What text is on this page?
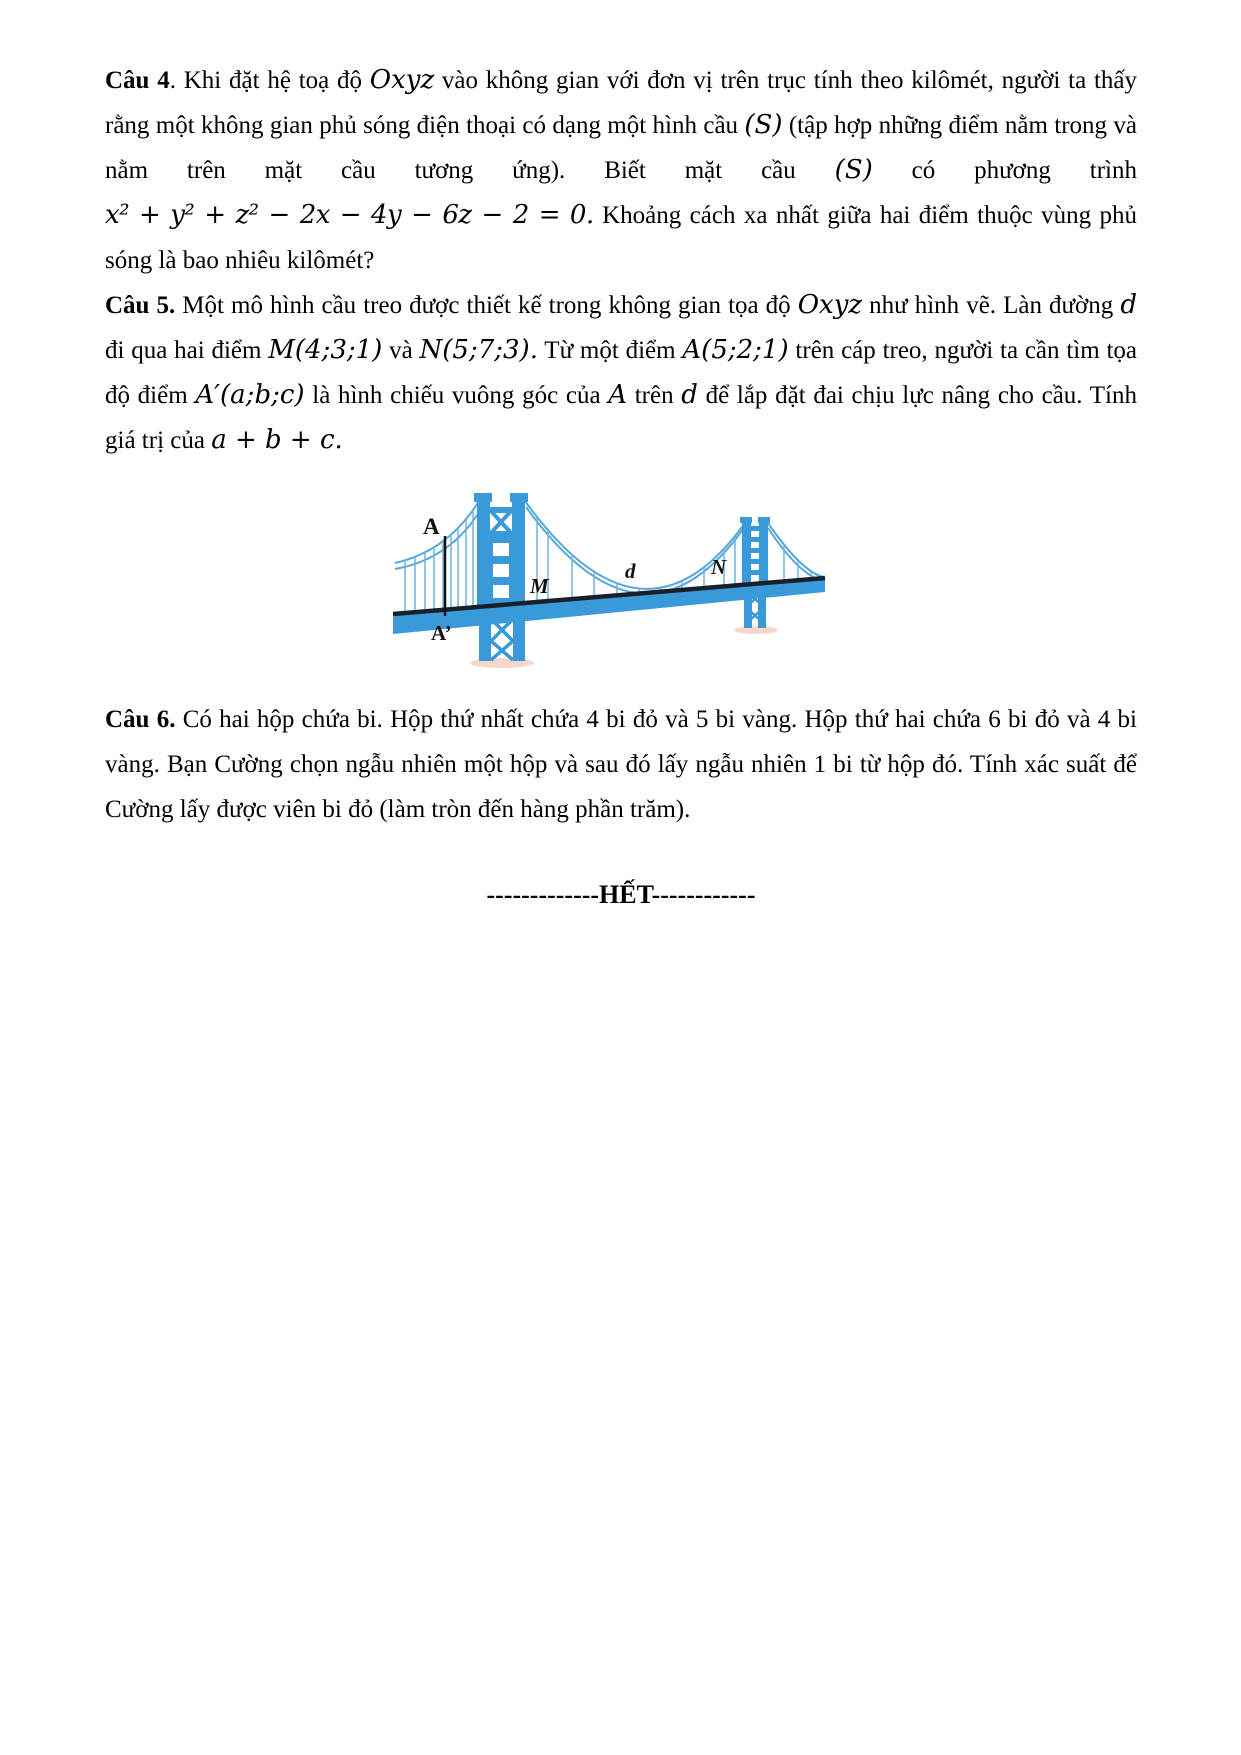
Câu 4. Khi đặt hệ toạ độ Oxyz vào không gian với đơn vị trên trục tính theo kilômét, người ta thấy rằng một không gian phủ sóng điện thoại có dạng một hình cầu (S) (tập hợp những điểm nằm trong và nằm trên mặt cầu tương ứng). Biết mặt cầu (S) có phương trình x² + y² + z² − 2x − 4y − 6z − 2 = 0. Khoảng cách xa nhất giữa hai điểm thuộc vùng phủ sóng là bao nhiêu kilômét?

Câu 5. Một mô hình cầu treo được thiết kế trong không gian tọa độ Oxyz như hình vẽ. Làn đường d đi qua hai điểm M(4;3;1) và N(5;7;3). Từ một điểm A(5;2;1) trên cáp treo, người ta cần tìm tọa độ điểm A′(a;b;c) là hình chiếu vuông góc của A trên d để lắp đặt đai chịu lực nâng cho cầu. Tính giá trị của a + b + c.

A
A’
M
d	N

Câu 6. Có hai hộp chứa bi. Hộp thứ nhất chứa 4 bi đỏ và 5 bi vàng. Hộp thứ hai chứa 6 bi đỏ và 4 bi vàng. Bạn Cường chọn ngẫu nhiên một hộp và sau đó lấy ngẫu nhiên 1 bi từ hộp đó. Tính xác suất để Cường lấy được viên bi đỏ (làm tròn đến hàng phần trăm).

-------------HẾT------------
